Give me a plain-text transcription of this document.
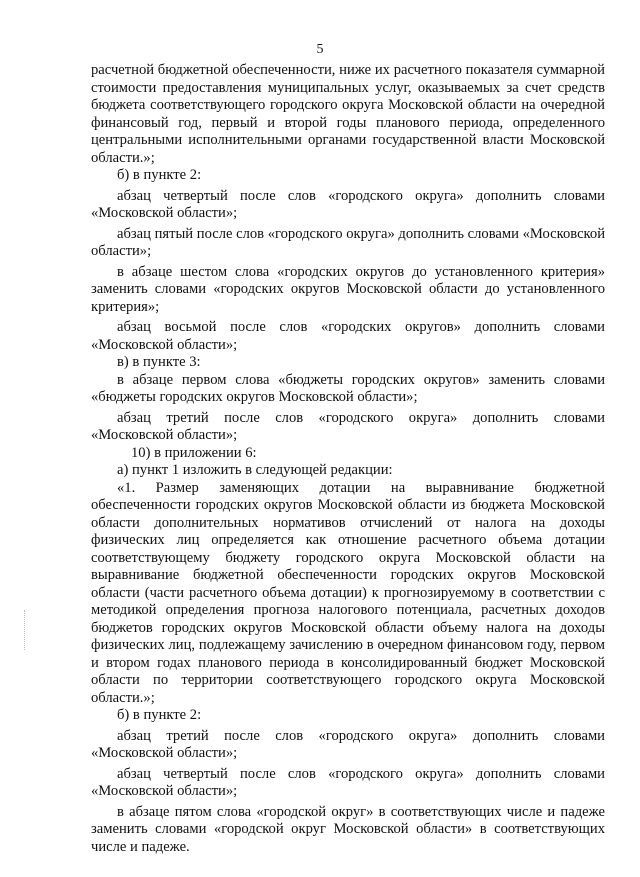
5

расчетной бюджетной обеспеченности, ниже их расчетного показателя суммарной стоимости предоставления муниципальных услуг, оказываемых за счет средств бюджета соответствующего городского округа Московской области на очередной финансовый год, первый и второй годы планового периода, определенного центральными исполнительными органами государственной власти Московской области.»;

б) в пункте 2:

абзац четвертый после слов «городского округа» дополнить словами «Московской области»;

абзац пятый после слов «городского округа» дополнить словами «Московской области»;

в абзаце шестом слова «городских округов до установленного критерия» заменить словами «городских округов Московской области до установленного критерия»;

абзац восьмой после слов «городских округов» дополнить словами «Московской области»;

в) в пункте 3:

в абзаце первом слова «бюджеты городских округов» заменить словами «бюджеты городских округов Московской области»;

абзац третий после слов «городского округа» дополнить словами «Московской области»;

10) в приложении 6:

а) пункт 1 изложить в следующей редакции:

«1. Размер заменяющих дотации на выравнивание бюджетной обеспеченности городских округов Московской области из бюджета Московской области дополнительных нормативов отчислений от налога на доходы физических лиц определяется как отношение расчетного объема дотации соответствующему бюджету городского округа Московской области на выравнивание бюджетной обеспеченности городских округов Московской области (части расчетного объема дотации) к прогнозируемому в соответствии с методикой определения прогноза налогового потенциала, расчетных доходов бюджетов городских округов Московской области объему налога на доходы физических лиц, подлежащему зачислению в очередном финансовом году, первом и втором годах планового периода в консолидированный бюджет Московской области по территории соответствующего городского округа Московской области.»;

б) в пункте 2:

абзац третий после слов «городского округа» дополнить словами «Московской области»;

абзац четвертый после слов «городского округа» дополнить словами «Московской области»;

в абзаце пятом слова «городской округ» в соответствующих числе и падеже заменить словами «городской округ Московской области» в соответствующих числе и падеже.
